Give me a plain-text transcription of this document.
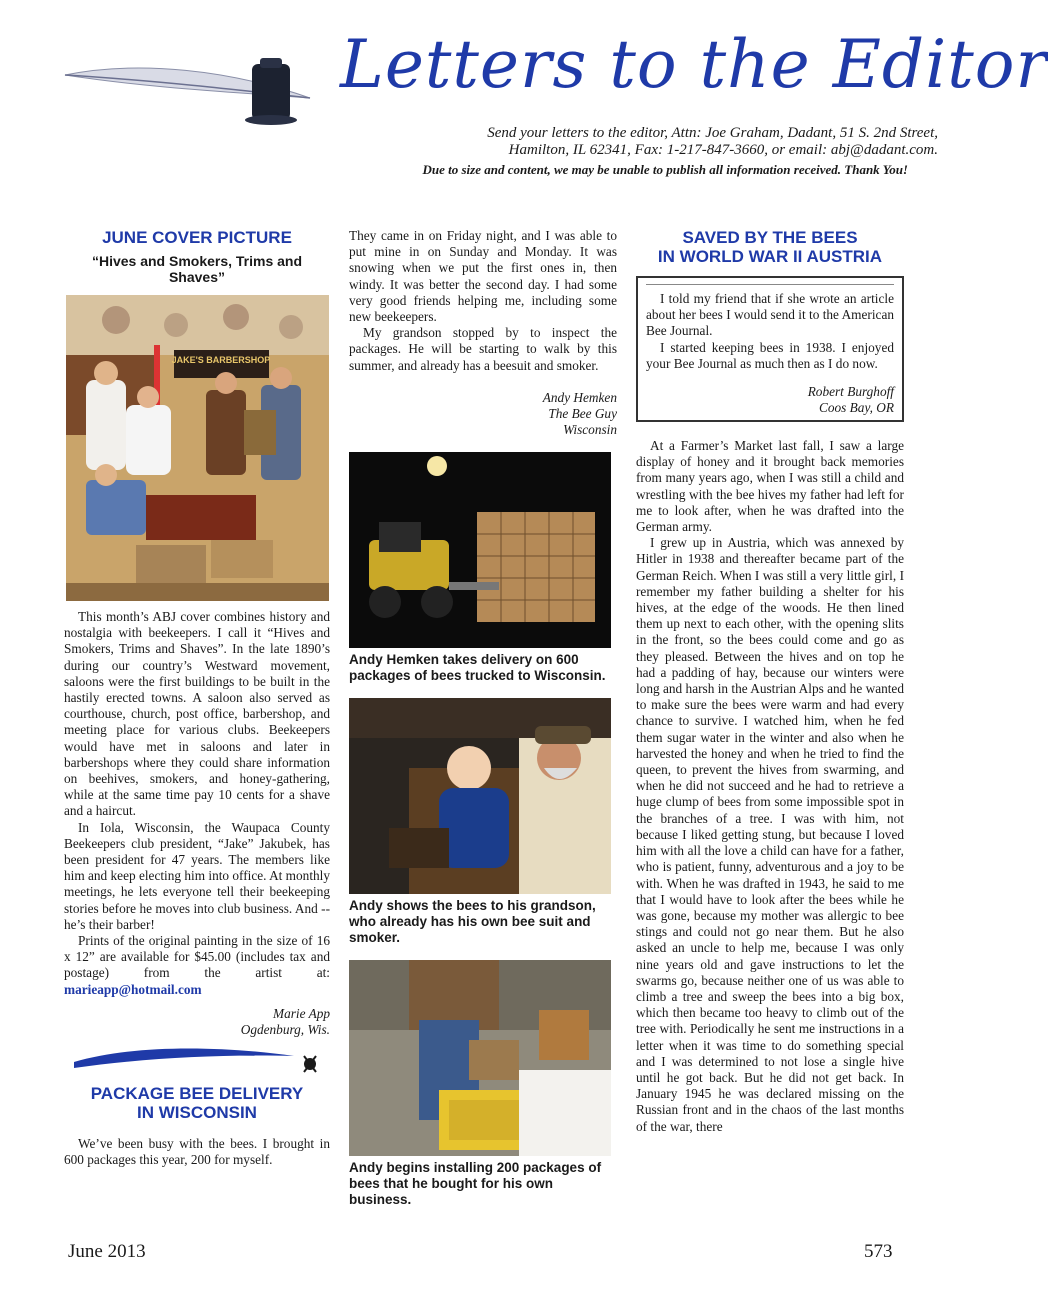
Letters to the Editor
Send your letters to the editor, Attn: Joe Graham, Dadant, 51 S. 2nd Street,
Hamilton, IL 62341, Fax: 1-217-847-3660, or email: abj@dadant.com.
Due to size and content, we may be unable to publish all information received. Thank You!
JUNE COVER PICTURE
“Hives and Smokers, Trims and Shaves”
JAKE'S BARBERSHOP

This month’s ABJ cover combines history and nostalgia with beekeepers. I call it “Hives and Smokers, Trims and Shaves”. In the late 1890’s during our country’s Westward movement, saloons were the first buildings to be built in the hastily erected towns. A saloon also served as courthouse, church, post office, barbershop, and meeting place for various clubs. Beekeepers would have met in saloons and later in barbershops where they could share information on beehives, smokers, and honey-gathering, while at the same time pay 10 cents for a shave and a haircut.

In Iola, Wisconsin, the Waupaca County Beekeepers club president, “Jake” Jakubek, has been president for 47 years. The members like him and keep electing him into office. At monthly meetings, he lets everyone tell their beekeeping stories before he moves into club business. And -- he’s their barber!

Prints of the original painting in the size of 16 x 12” are available for $45.00 (includes tax and postage) from the artist at: marieapp@hotmail.com

Marie App
Ogdenburg, Wis.
PACKAGE BEE DELIVERY
IN WISCONSIN

We’ve been busy with the bees. I brought in 600 packages this year, 200 for myself.

They came in on Friday night, and I was able to put mine in on Sunday and Monday. It was snowing when we put the first ones in, then windy. It was better the second day. I had some very good friends helping me, including some new beekeepers.

My grandson stopped by to inspect the packages. He will be starting to walk by this summer, and already has a beesuit and smoker.

Andy Hemken
The Bee Guy
Wisconsin
Andy Hemken takes delivery on 600 packages of bees trucked to Wisconsin.
Andy shows the bees to his grandson, who already has his own bee suit and smoker.
Andy begins installing 200 packages of bees that he bought for his own business.
SAVED BY THE BEES
IN WORLD WAR II AUSTRIA

I told my friend that if she wrote an article about her bees I would send it to the American Bee Journal.

I started keeping bees in 1938. I enjoyed your Bee Journal as much then as I do now.

Robert Burghoff
Coos Bay, OR

At a Farmer’s Market last fall, I saw a large display of honey and it brought back memories from many years ago, when I was still a child and wrestling with the bee hives my father had left for me to look after, when he was drafted into the German army.

I grew up in Austria, which was annexed by Hitler in 1938 and thereafter became part of the German Reich. When I was still a very little girl, I remember my father building a shelter for his hives, at the edge of the woods. He then lined them up next to each other, with the opening slits in the front, so the bees could come and go as they pleased. Between the hives and on top he had a padding of hay, because our winters were long and harsh in the Austrian Alps and he wanted to make sure the bees were warm and had every chance to survive. I watched him, when he fed them sugar water in the winter and also when he harvested the honey and when he tried to find the queen, to prevent the hives from swarming, and when he did not succeed and he had to retrieve a huge clump of bees from some impossible spot in the branches of a tree. I was with him, not because I liked getting stung, but because I loved him with all the love a child can have for a father, who is patient, funny, adventurous and a joy to be with. When he was drafted in 1943, he said to me that I would have to look after the bees while he was gone, because my mother was allergic to bee stings and could not go near them. But he also asked an uncle to help me, because I was only nine years old and gave instructions to let the swarms go, because neither one of us was able to climb a tree and sweep the bees into a big box, which then became too heavy to climb out of the tree with. Periodically he sent me instructions in a letter when it was time to do something special and I was determined to not lose a single hive until he got back. But he did not get back. In January 1945 he was declared missing on the Russian front and in the chaos of the last months of the war, there

June 2013	573
